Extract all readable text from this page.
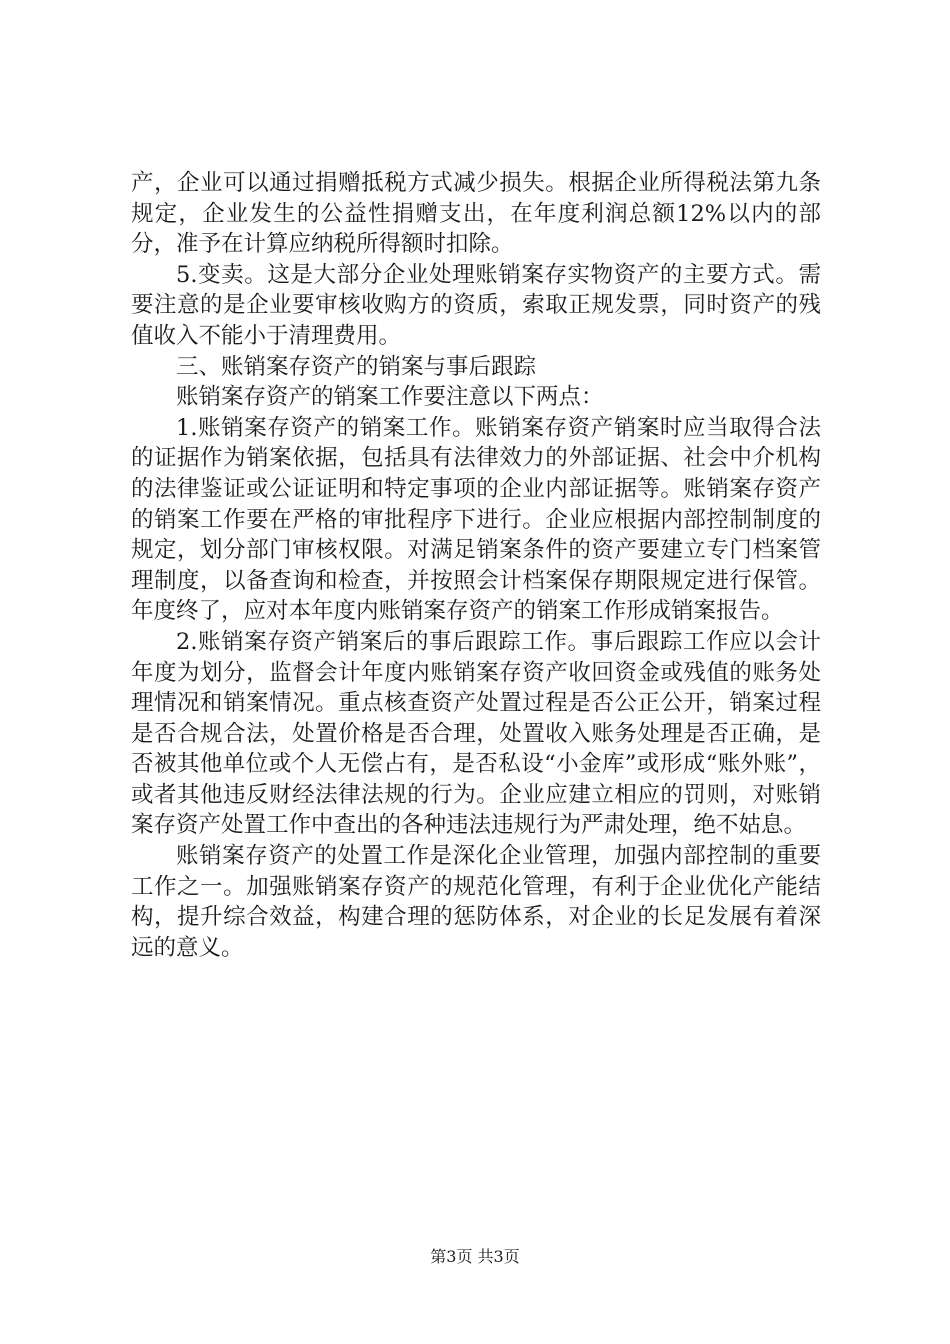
产，企业可以通过捐赠抵税方式减少损失。根据企业所得税法第九条规定，企业发生的公益性捐赠支出，在年度利润总额12%以内的部分，准予在计算应纳税所得额时扣除。

5.变卖。这是大部分企业处理账销案存实物资产的主要方式。需要注意的是企业要审核收购方的资质，索取正规发票，同时资产的残值收入不能小于清理费用。

三、账销案存资产的销案与事后跟踪

账销案存资产的销案工作要注意以下两点：

1.账销案存资产的销案工作。账销案存资产销案时应当取得合法的证据作为销案依据，包括具有法律效力的外部证据、社会中介机构的法律鉴证或公证证明和特定事项的企业内部证据等。账销案存资产的销案工作要在严格的审批程序下进行。企业应根据内部控制制度的规定，划分部门审核权限。对满足销案条件的资产要建立专门档案管理制度，以备查询和检查，并按照会计档案保存期限规定进行保管。年度终了，应对本年度内账销案存资产的销案工作形成销案报告。

2.账销案存资产销案后的事后跟踪工作。事后跟踪工作应以会计年度为划分，监督会计年度内账销案存资产收回资金或残值的账务处理情况和销案情况。重点核查资产处置过程是否公正公开，销案过程是否合规合法，处置价格是否合理，处置收入账务处理是否正确，是否被其他单位或个人无偿占有，是否私设“小金库”或形成“账外账”，或者其他违反财经法律法规的行为。企业应建立相应的罚则，对账销案存资产处置工作中查出的各种违法违规行为严肃处理，绝不姑息。

账销案存资产的处置工作是深化企业管理，加强内部控制的重要工作之一。加强账销案存资产的规范化管理，有利于企业优化产能结构，提升综合效益，构建合理的惩防体系，对企业的长足发展有着深远的意义。

第3页 共3页
